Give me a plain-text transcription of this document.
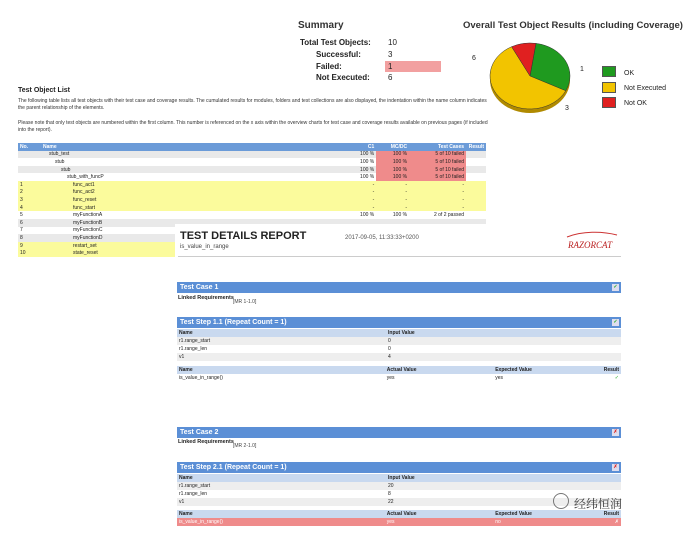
Summary
Total Test Objects: 10
Successful:	3
Failed:	1
Not Executed: 6
Overall Test Object Results (including Coverage)
6
1
3
OK
Not Executed
Not OK
Test Object List
The following table lists all test objects with their test case and coverage results. The cumulated results for modules, folders and test collections are also displayed, the indentation within the name column indicates the parent relationship of the elements.
Please note that only test objects are numbered within the first column. This number is referenced on the x axis within the overview charts for test case and coverage results available on previous pages (if included into the report).
No.	Name	C1	MC/DC	Test Cases	Result
	stub_test	100 %	100 %	5 of 10 failed	
	stub	100 %	100 %	5 of 10 failed	
	stub	100 %	100 %	5 of 10 failed	
	stub_with_funcP	100 %	100 %	5 of 10 failed	
1	func_act1	-	-	-	
2	func_act2	-	-	-	
3	func_reset	-	-	-	
4	func_start	-	-	-	
5	myFunctionA	100 %	100 %	2 of 2 passed	
6	myFunctionB				
7	myFunctionC				
8	myFunctionD				
9	restart_set				
10	state_reset				
TEST DETAILS REPORT
is_value_in_range
2017-09-05, 11:33:33+0200
RAZORCAT
Test Case 1	✓
Linked Requirements
[MR 1-1.0]
Test Step 1.1 (Repeat Count = 1)	✓
Name	Input Value
r1.range_start	0
r1.range_len	0
v1	4
Name	Actual Value	Expected Value	Result
is_value_in_range()	yes	yes	✓
Test Case 2	✗
Linked Requirements
[MR 2-1.0]
Test Step 2.1 (Repeat Count = 1)	✗
Name	Input Value
r1.range_start	20
r1.range_len	8
v1	22
Name	Actual Value	Expected Value	Result
is_value_in_range()	yes	no	✗
经纬恒润
